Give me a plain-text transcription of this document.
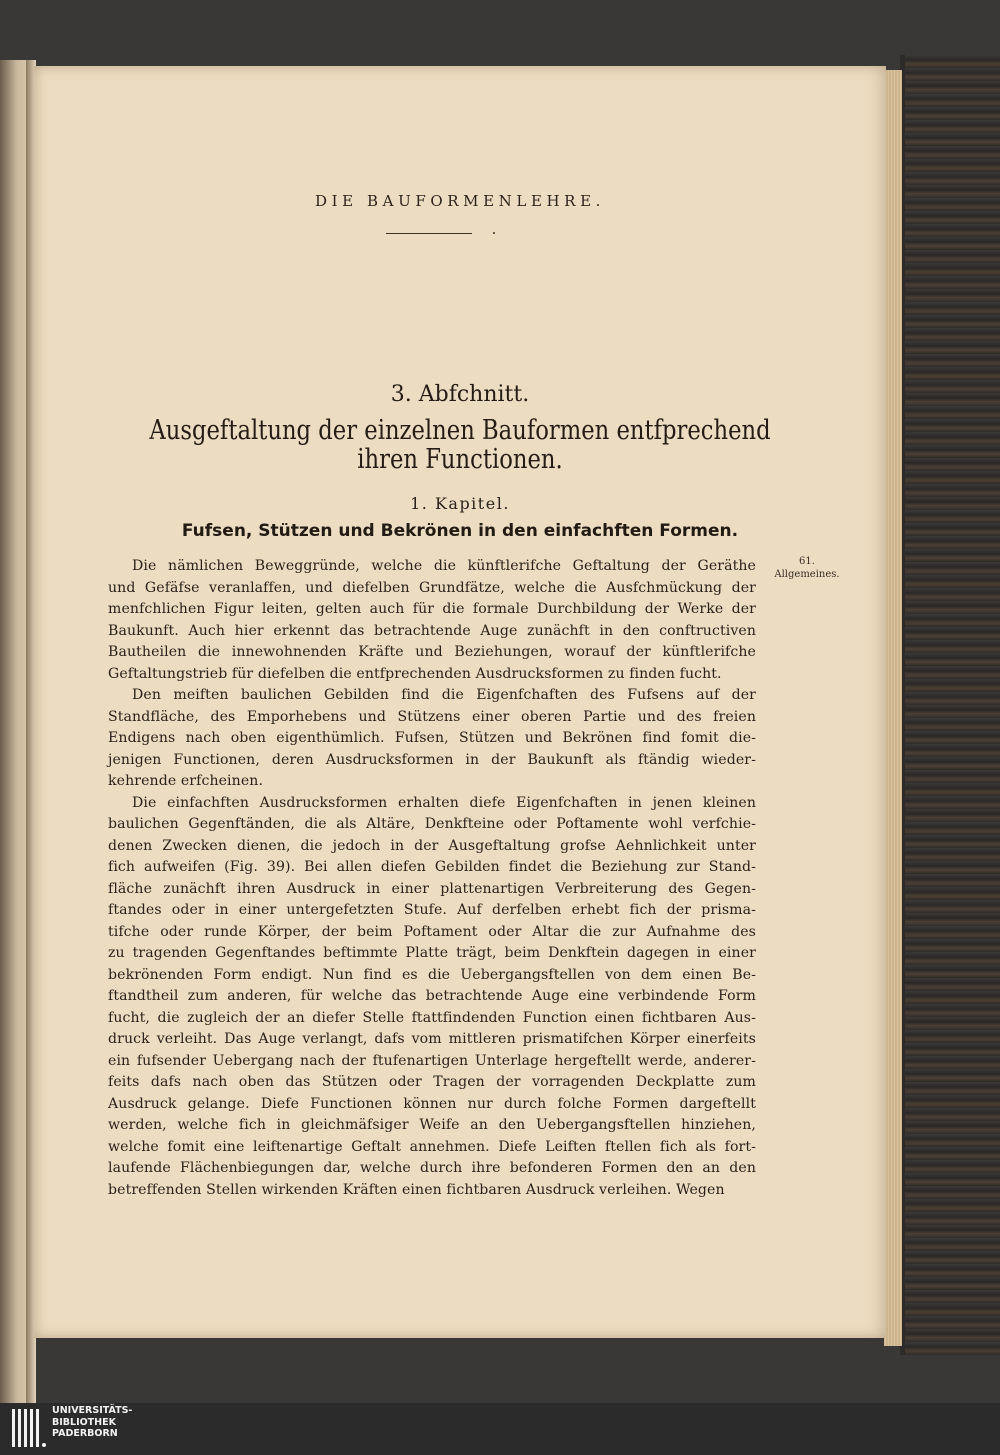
DIE BAUFORMENLEHRE.
3. Abfchnitt.
Ausgeftaltung der einzelnen Bauformen entfprechend
ihren Functionen.
1. Kapitel.
Fufsen, Stützen und Bekrönen in den einfachften Formen.
61.
Allgemeines.

Die nämlichen Beweggründe, welche die künftlerifche Geftaltung der Geräthe
und Gefäfse veranlaffen, und diefelben Grundfätze, welche die Ausfchmückung der
menfchlichen Figur leiten, gelten auch für die formale Durchbildung der Werke der
Baukunft. Auch hier erkennt das betrachtende Auge zunächft in den conftructiven
Bautheilen die innewohnenden Kräfte und Beziehungen, worauf der künftlerifche
Geftaltungstrieb für diefelben die entfprechenden Ausdrucksformen zu finden fucht.

Den meiften baulichen Gebilden find die Eigenfchaften des Fufsens auf der
Standfläche, des Emporhebens und Stützens einer oberen Partie und des freien
Endigens nach oben eigenthümlich. Fufsen, Stützen und Bekrönen find fomit die-
jenigen Functionen, deren Ausdrucksformen in der Baukunft als ftändig wieder-
kehrende erfcheinen.

Die einfachften Ausdrucksformen erhalten diefe Eigenfchaften in jenen kleinen
baulichen Gegenftänden, die als Altäre, Denkfteine oder Poftamente wohl verfchie-
denen Zwecken dienen, die jedoch in der Ausgeftaltung grofse Aehnlichkeit unter
fich aufweifen (Fig. 39). Bei allen diefen Gebilden findet die Beziehung zur Stand-
fläche zunächft ihren Ausdruck in einer plattenartigen Verbreiterung des Gegen-
ftandes oder in einer untergefetzten Stufe. Auf derfelben erhebt fich der prisma-
tifche oder runde Körper, der beim Poftament oder Altar die zur Aufnahme des
zu tragenden Gegenftandes beftimmte Platte trägt, beim Denkftein dagegen in einer
bekrönenden Form endigt. Nun find es die Uebergangsftellen von dem einen Be-
ftandtheil zum anderen, für welche das betrachtende Auge eine verbindende Form
fucht, die zugleich der an diefer Stelle ftattfindenden Function einen fichtbaren Aus-
druck verleiht. Das Auge verlangt, dafs vom mittleren prismatifchen Körper einerfeits
ein fufsender Uebergang nach der ftufenartigen Unterlage hergeftellt werde, anderer-
feits dafs nach oben das Stützen oder Tragen der vorragenden Deckplatte zum
Ausdruck gelange. Diefe Functionen können nur durch folche Formen dargeftellt
werden, welche fich in gleichmäfsiger Weife an den Uebergangsftellen hinziehen,
welche fomit eine leiftenartige Geftalt annehmen. Diefe Leiften ftellen fich als fort-
laufende Flächenbiegungen dar, welche durch ihre befonderen Formen den an den
betreffenden Stellen wirkenden Kräften einen fichtbaren Ausdruck verleihen. Wegen

UNIVERSITÄTS-
BIBLIOTHEK
PADERBORN
